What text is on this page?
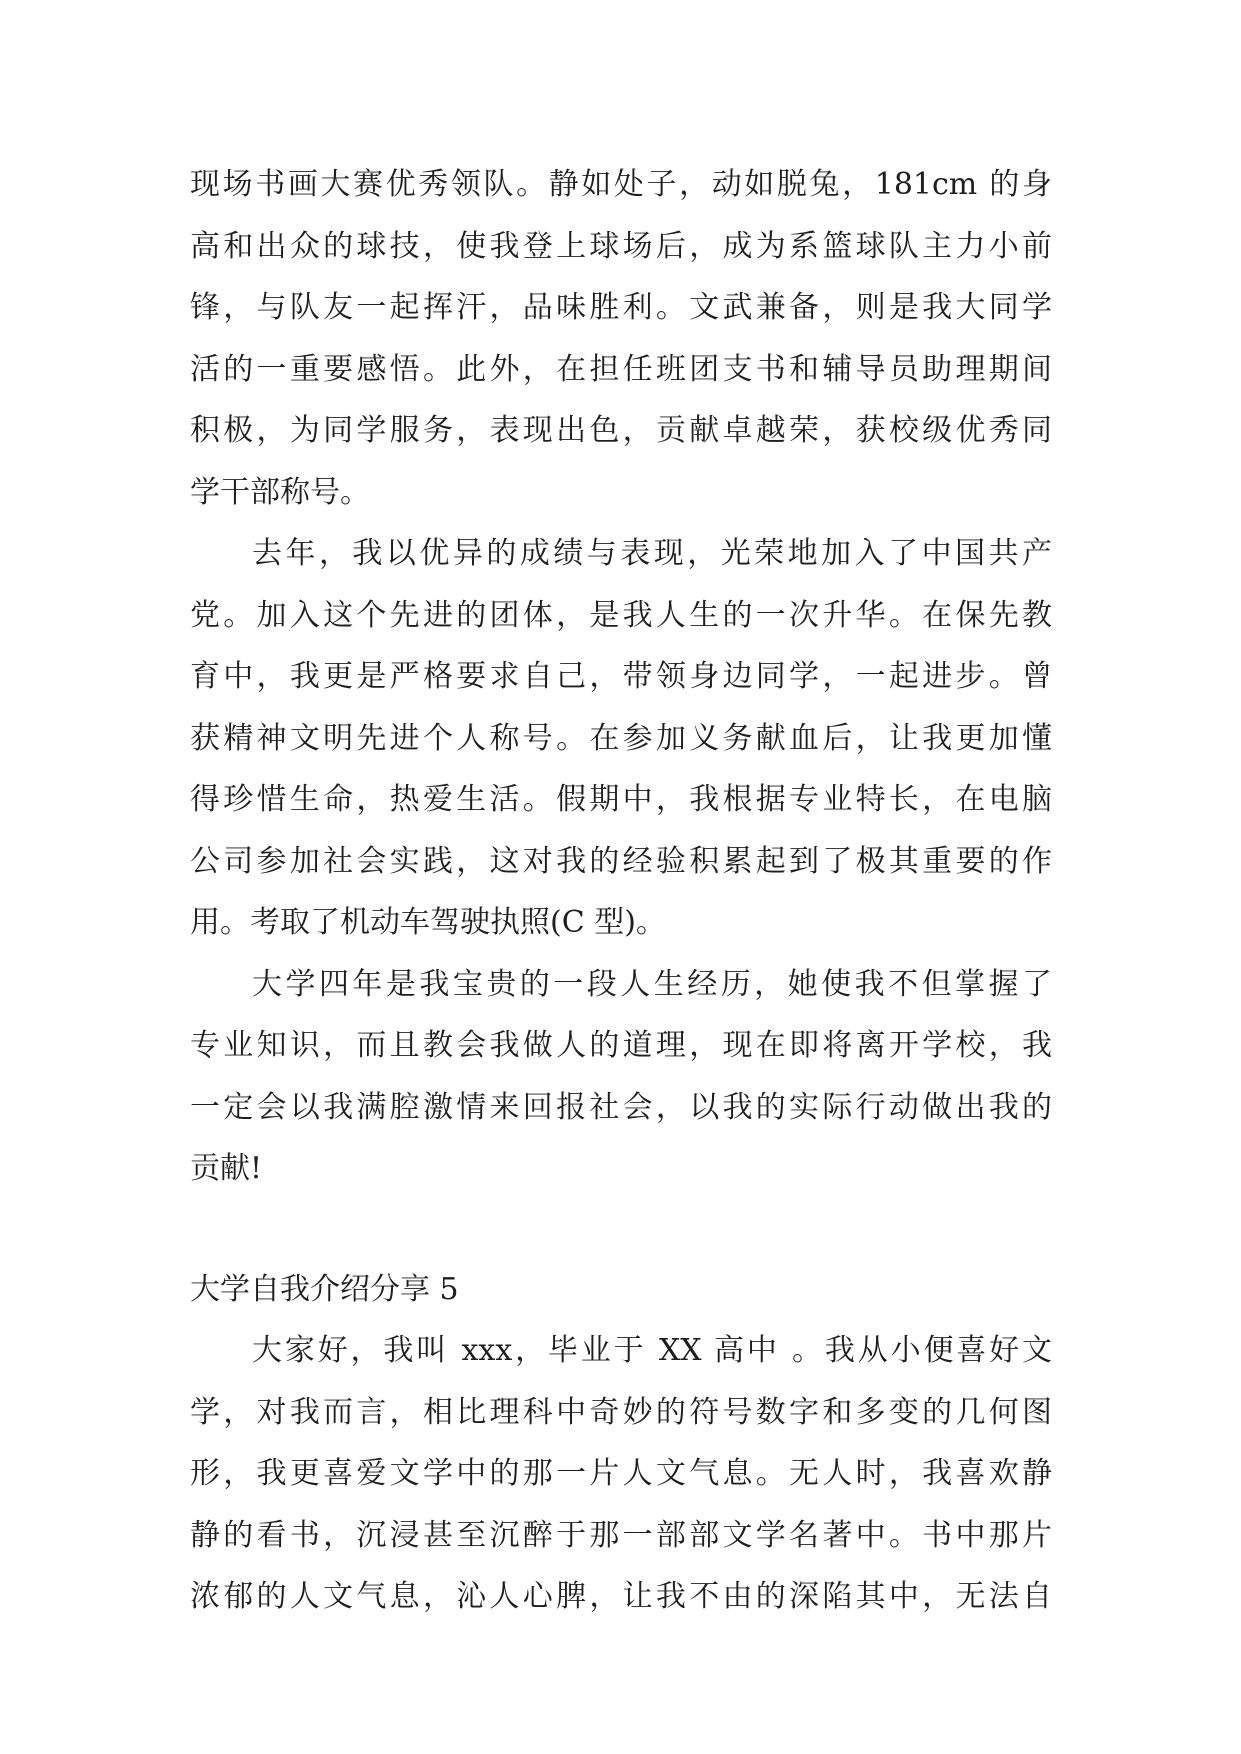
现场书画大赛优秀领队。静如处子，动如脱兔，181cm 的身
高和出众的球技，使我登上球场后，成为系篮球队主力小前
锋，与队友一起挥汗，品味胜利。文武兼备，则是我大同学
活的一重要感悟。此外，在担任班团支书和辅导员助理期间
积极，为同学服务，表现出色，贡献卓越荣，获校级优秀同
学干部称号。
去年，我以优异的成绩与表现，光荣地加入了中国共产
党。加入这个先进的团体，是我人生的一次升华。在保先教
育中，我更是严格要求自己，带领身边同学，一起进步。曾
获精神文明先进个人称号。在参加义务献血后，让我更加懂
得珍惜生命，热爱生活。假期中，我根据专业特长，在电脑
公司参加社会实践，这对我的经验积累起到了极其重要的作
用。考取了机动车驾驶执照(C 型)。
大学四年是我宝贵的一段人生经历，她使我不但掌握了
专业知识，而且教会我做人的道理，现在即将离开学校，我
一定会以我满腔激情来回报社会，以我的实际行动做出我的
贡献!
大学自我介绍分享 5
大家好，我叫 xxx，毕业于 XX 高中 。我从小便喜好文
学，对我而言，相比理科中奇妙的符号数字和多变的几何图
形，我更喜爱文学中的那一片人文气息。无人时，我喜欢静
静的看书，沉浸甚至沉醉于那一部部文学名著中。书中那片
浓郁的人文气息，沁人心脾，让我不由的深陷其中，无法自
